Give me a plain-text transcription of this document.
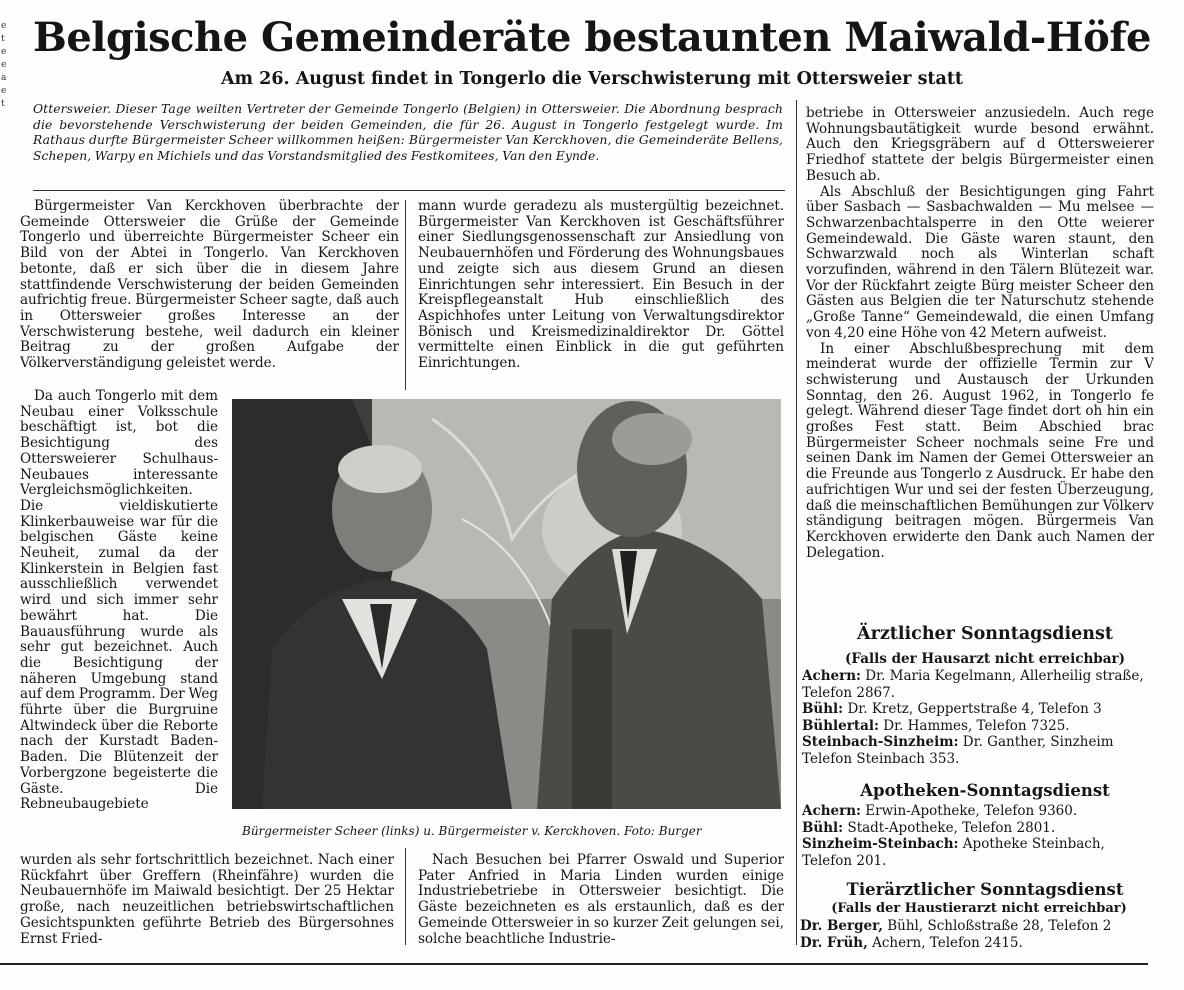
e t e e a e t
Belgische Gemeinderäte bestaunten Maiwald-Höfe
Am 26. August findet in Tongerlo die Verschwisterung mit Ottersweier statt

Ottersweier. Dieser Tage weilten Vertreter der Gemeinde Tongerlo (Belgien) in Ottersweier. Die Abordnung besprach die bevorstehende Verschwisterung der beiden Gemeinden, die für 26. August in Tongerlo festgelegt wurde. Im Rathaus durfte Bürgermeister Scheer willkommen heißen: Bürgermeister Van Kerckhoven, die Gemeinderäte Bellens, Schepen, Warpy en Michiels und das Vorstandsmitglied des Festkomitees, Van den Eynde.

Bürgermeister Van Kerckhoven überbrachte der Gemeinde Ottersweier die Grüße der Gemeinde Tongerlo und überreichte Bürgermeister Scheer ein Bild von der Abtei in Tongerlo. Van Kerckhoven betonte, daß er sich über die in diesem Jahre stattfindende Verschwisterung der beiden Gemeinden aufrichtig freue. Bürgermeister Scheer sagte, daß auch in Ottersweier großes Interesse an der Verschwisterung bestehe, weil dadurch ein kleiner Beitrag zu der großen Aufgabe der Völkerverständigung geleistet werde.

mann wurde geradezu als mustergültig bezeichnet. Bürgermeister Van Kerckhoven ist Geschäftsführer einer Siedlungsgenossenschaft zur Ansiedlung von Neubauernhöfen und Förderung des Wohnungsbaues und zeigte sich aus diesem Grund an diesen Einrichtungen sehr interessiert. Ein Besuch in der Kreispflegeanstalt Hub einschließlich des Aspichhofes unter Leitung von Verwaltungsdirektor Bönisch und Kreismedizinaldirektor Dr. Göttel vermittelte einen Einblick in die gut geführten Einrichtungen.

Da auch Tongerlo mit dem Neubau einer Volksschule beschäftigt ist, bot die Besichtigung des Ottersweierer Schulhaus-Neubaues interessante Vergleichsmöglichkeiten. Die vieldiskutierte Klinkerbauweise war für die belgischen Gäste keine Neuheit, zumal da der Klinkerstein in Belgien fast ausschließlich verwendet wird und sich immer sehr bewährt hat. Die Bauausführung wurde als sehr gut bezeichnet. Auch die Besichtigung der näheren Umgebung stand auf dem Programm. Der Weg führte über die Burgruine Altwindeck über die Reborte nach der Kurstadt Baden-Baden. Die Blütenzeit der Vorbergzone begeisterte die Gäste. Die Rebneubaugebiete

Bürgermeister Scheer (links) u. Bürgermeister v. Kerckhoven. Foto: Burger

wurden als sehr fortschrittlich bezeichnet. Nach einer Rückfahrt über Greffern (Rheinfähre) wurden die Neubauernhöfe im Maiwald besichtigt. Der 25 Hektar große, nach neuzeitlichen betriebswirtschaftlichen Gesichtspunkten geführte Betrieb des Bürgersohnes Ernst Fried-

Nach Besuchen bei Pfarrer Oswald und Superior Pater Anfried in Maria Linden wurden einige Industriebetriebe in Ottersweier besichtigt. Die Gäste bezeichneten es als erstaunlich, daß es der Gemeinde Ottersweier in so kurzer Zeit gelungen sei, solche beachtliche Industrie-

betriebe in Ottersweier anzusiedeln. Auch rege Wohnungsbautätigkeit wurde besond erwähnt. Auch den Kriegsgräbern auf d Ottersweierer Friedhof stattete der belgis Bürgermeister einen Besuch ab.

Als Abschluß der Besichtigungen ging Fahrt über Sasbach — Sasbachwalden — Mu melsee — Schwarzenbachtalsperre in den Otte weierer Gemeindewald. Die Gäste waren staunt, den Schwarzwald noch als Winterlan schaft vorzufinden, während in den Tälern Blütezeit war. Vor der Rückfahrt zeigte Bürg meister Scheer den Gästen aus Belgien die ter Naturschutz stehende „Große Tanne“ Gemeindewald, die einen Umfang von 4,20 eine Höhe von 42 Metern aufweist.

In einer Abschlußbesprechung mit dem meinderat wurde der offizielle Termin zur V schwisterung und Austausch der Urkunden Sonntag, den 26. August 1962, in Tongerlo fe gelegt. Während dieser Tage findet dort oh hin ein großes Fest statt. Beim Abschied brac Bürgermeister Scheer nochmals seine Fre und seinen Dank im Namen der Gemei Ottersweier an die Freunde aus Tongerlo z Ausdruck. Er habe den aufrichtigen Wur und sei der festen Überzeugung, daß die meinschaftlichen Bemühungen zur Völkerv ständigung beitragen mögen. Bürgermeis Van Kerckhoven erwiderte den Dank auch Namen der Delegation.

Ärztlicher Sonntagsdienst
(Falls der Hausarzt nicht erreichbar)

Achern: Dr. Maria Kegelmann, Allerheilig straße, Telefon 2867.

Bühl: Dr. Kretz, Geppertstraße 4, Telefon 3

Bühlertal: Dr. Hammes, Telefon 7325.

Steinbach-Sinzheim: Dr. Ganther, Sinzheim Telefon Steinbach 353.

Apotheken-Sonntagsdienst

Achern: Erwin-Apotheke, Telefon 9360.

Bühl: Stadt-Apotheke, Telefon 2801.

Sinzheim-Steinbach: Apotheke Steinbach, Telefon 201.

Tierärztlicher Sonntagsdienst
(Falls der Haustierarzt nicht erreichbar)

Dr. Berger, Bühl, Schloßstraße 28, Telefon 2

Dr. Früh, Achern, Telefon 2415.
